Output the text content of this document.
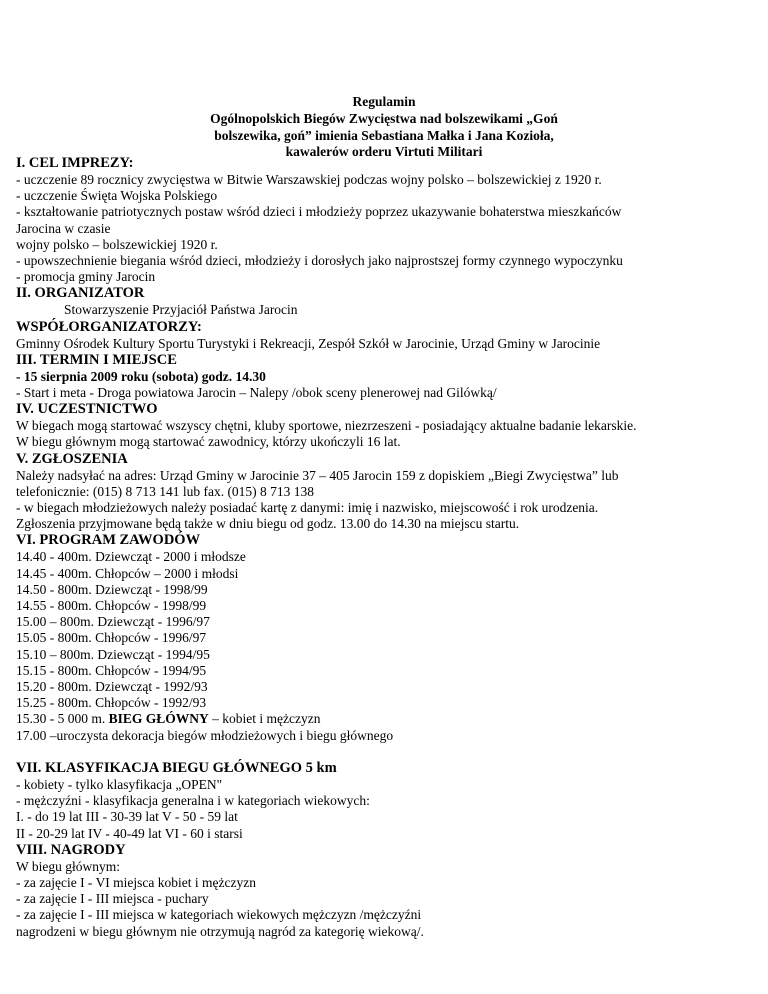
Regulamin
Ogólnopolskich Biegów Zwycięstwa nad bolszewikami „Goń
bolszewika, goń” imienia Sebastiana Małka i Jana Kozioła,
kawalerów orderu Virtuti Militari
I. CEL IMPREZY:
- uczczenie 89 rocznicy zwycięstwa w Bitwie Warszawskiej podczas wojny polsko – bolszewickiej z 1920 r.
- uczczenie Święta Wojska Polskiego
- kształtowanie patriotycznych postaw wśród dzieci i młodzieży poprzez ukazywanie bohaterstwa mieszkańców
Jarocina w czasie
wojny polsko – bolszewickiej 1920 r.
- upowszechnienie biegania wśród dzieci, młodzieży i dorosłych jako najprostszej formy czynnego wypoczynku
- promocja gminy Jarocin
II. ORGANIZATOR
Stowarzyszenie Przyjaciół Państwa Jarocin
WSPÓŁORGANIZATORZY:
Gminny Ośrodek Kultury Sportu Turystyki i Rekreacji, Zespół Szkół w Jarocinie, Urząd Gminy w Jarocinie
III. TERMIN I MIEJSCE
- 15 sierpnia 2009 roku (sobota) godz. 14.30
- Start i meta - Droga powiatowa Jarocin – Nalepy /obok sceny plenerowej nad Gilówką/
IV. UCZESTNICTWO
W biegach mogą startować wszyscy chętni, kluby sportowe, niezrzeszeni - posiadający aktualne badanie lekarskie.
W biegu głównym mogą startować zawodnicy, którzy ukończyli 16 lat.
V. ZGŁOSZENIA
Należy nadsyłać na adres: Urząd Gminy w Jarocinie 37 – 405 Jarocin 159 z dopiskiem „Biegi Zwycięstwa” lub
telefonicznie: (015) 8 713 141 lub fax. (015) 8 713 138
- w biegach młodzieżowych należy posiadać kartę z danymi: imię i nazwisko, miejscowość i rok urodzenia.
Zgłoszenia przyjmowane będą także w dniu biegu od godz. 13.00 do 14.30 na miejscu startu.
VI. PROGRAM ZAWODÓW
14.40 - 400m. Dziewcząt - 2000 i młodsze
14.45 - 400m. Chłopców – 2000 i młodsi
14.50 - 800m. Dziewcząt - 1998/99
14.55 - 800m. Chłopców - 1998/99
15.00 – 800m. Dziewcząt - 1996/97
15.05 - 800m. Chłopców - 1996/97
15.10 – 800m. Dziewcząt - 1994/95
15.15 - 800m. Chłopców - 1994/95
15.20 - 800m. Dziewcząt - 1992/93
15.25 - 800m. Chłopców - 1992/93
15.30 - 5 000 m. BIEG GŁÓWNY – kobiet i mężczyzn
17.00 –uroczysta dekoracja biegów młodzieżowych i biegu głównego
VII. KLASYFIKACJA BIEGU GŁÓWNEGO 5 km
- kobiety - tylko klasyfikacja „OPEN"
- mężczyźni - klasyfikacja generalna i w kategoriach wiekowych:
I. - do 19 lat III - 30-39 lat V - 50 - 59 lat
II - 20-29 lat IV - 40-49 lat VI - 60 i starsi
VIII. NAGRODY
W biegu głównym:
- za zajęcie I - VI miejsca kobiet i mężczyzn
- za zajęcie I - III miejsca - puchary
- za zajęcie I - III miejsca w kategoriach wiekowych mężczyzn /mężczyźni
nagrodzeni w biegu głównym nie otrzymują nagród za kategorię wiekową/.
